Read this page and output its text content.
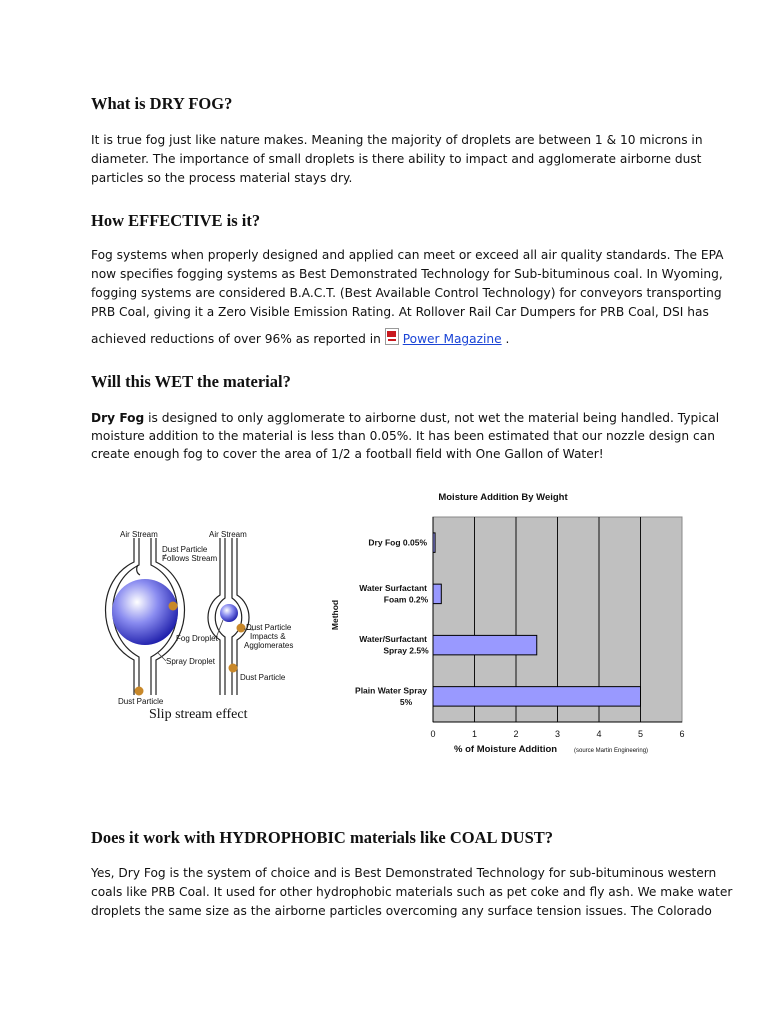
What is DRY FOG?
It is true fog just like nature makes. Meaning the majority of droplets are between 1 & 10 microns in
diameter. The importance of small droplets is there ability to impact and agglomerate airborne dust
particles so the process material stays dry.
How EFFECTIVE is it?
Fog systems when properly designed and applied can meet or exceed all air quality standards. The EPA
now specifies fogging systems as Best Demonstrated Technology for Sub-bituminous coal. In Wyoming,
fogging systems are considered B.A.C.T. (Best Available Control Technology) for conveyors transporting
PRB Coal, giving it a Zero Visible Emission Rating. At Rollover Rail Car Dumpers for PRB Coal, DSI has
achieved reductions of over 96% as reported in Power Magazine .
Will this WET the material?
Dry Fog is designed to only agglomerate to airborne dust, not wet the material being handled. Typical
moisture addition to the material is less than 0.05%. It has been estimated that our nozzle design can
create enough fog to cover the area of 1/2 a football field with One Gallon of Water!
Air Stream	Air Stream
Dust Particle
Follows Stream
Fog Droplet
Spray Droplet
Dust Particle
Impacts &
Agglomerates
Dust Particle
Dust Particle
Slip stream effect
Moisture Addition By Weight
Dry Fog 0.05%
Water Surfactant Foam 0.2%
Water/Surfactant Spray 2.5%
Plain Water Spray 5%
0	1	2	3	4	5	6
Method
% of Moisture Addition	(source Martin Engineering)
Does it work with HYDROPHOBIC materials like COAL DUST?
Yes, Dry Fog is the system of choice and is Best Demonstrated Technology for sub-bituminous western
coals like PRB Coal. It used for other hydrophobic materials such as pet coke and fly ash. We make water
droplets the same size as the airborne particles overcoming any surface tension issues. The Colorado
